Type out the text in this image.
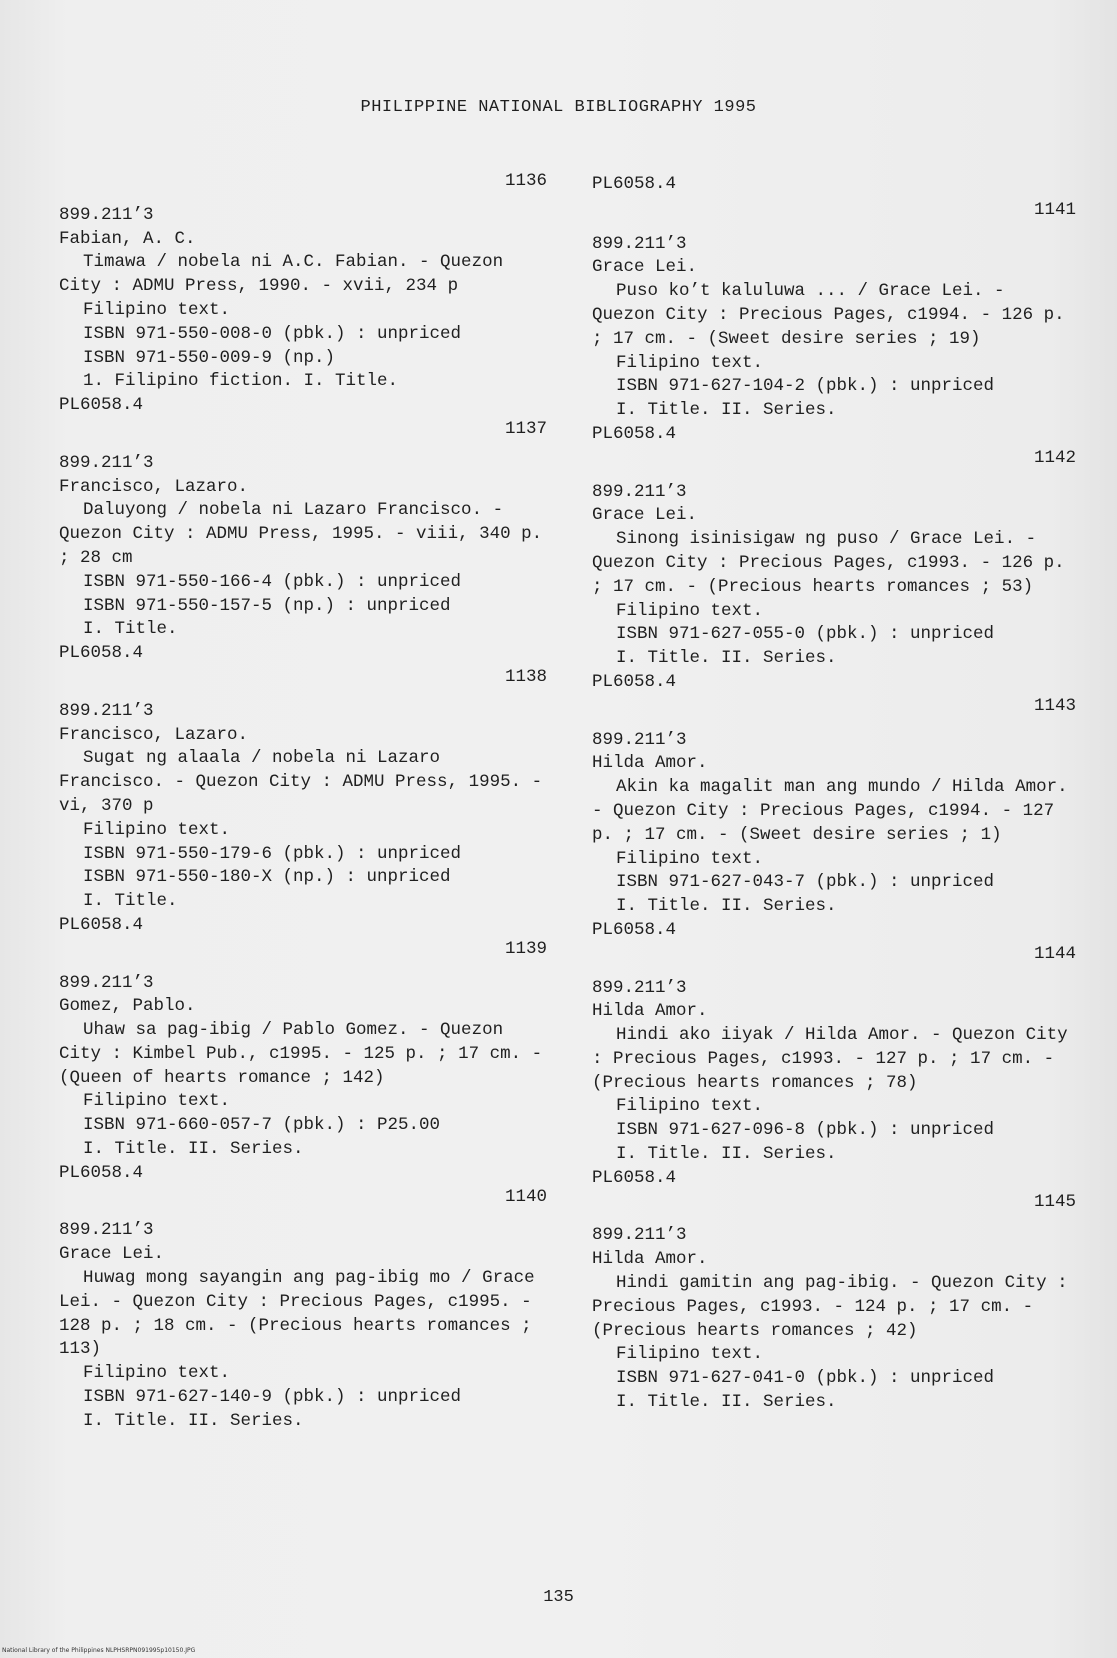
PHILIPPINE NATIONAL BIBLIOGRAPHY 1995
1136
899.211’3
Fabian, A. C.
Timawa / nobela ni A.C. Fabian. - Quezon City : ADMU Press, 1990. - xvii, 234 p
Filipino text.
ISBN 971-550-008-0 (pbk.) : unpriced
ISBN 971-550-009-9 (np.)
1. Filipino fiction. I. Title.
PL6058.4
1137
899.211’3
Francisco, Lazaro.
Daluyong / nobela ni Lazaro Francisco. - Quezon City : ADMU Press, 1995. - viii, 340 p. ; 28 cm
ISBN 971-550-166-4 (pbk.) : unpriced
ISBN 971-550-157-5 (np.) : unpriced
I. Title.
PL6058.4
1138
899.211’3
Francisco, Lazaro.
Sugat ng alaala / nobela ni Lazaro Francisco. - Quezon City : ADMU Press, 1995. - vi, 370 p
Filipino text.
ISBN 971-550-179-6 (pbk.) : unpriced
ISBN 971-550-180-X (np.) : unpriced
I. Title.
PL6058.4
1139
899.211’3
Gomez, Pablo.
Uhaw sa pag-ibig / Pablo Gomez. - Quezon City : Kimbel Pub., c1995. - 125 p. ; 17 cm. - (Queen of hearts romance ; 142)
Filipino text.
ISBN 971-660-057-7 (pbk.) : P25.00
I. Title. II. Series.
PL6058.4
1140
899.211’3
Grace Lei.
Huwag mong sayangin ang pag-ibig mo / Grace Lei. - Quezon City : Precious Pages, c1995. - 128 p. ; 18 cm. - (Precious hearts romances ; 113)
Filipino text.
ISBN 971-627-140-9 (pbk.) : unpriced
I. Title. II. Series.
PL6058.4
1141
899.211’3
Grace Lei.
Puso ko’t kaluluwa ... / Grace Lei. - Quezon City : Precious Pages, c1994. - 126 p. ; 17 cm. - (Sweet desire series ; 19)
Filipino text.
ISBN 971-627-104-2 (pbk.) : unpriced
I. Title. II. Series.
PL6058.4
1142
899.211’3
Grace Lei.
Sinong isinisigaw ng puso / Grace Lei. - Quezon City : Precious Pages, c1993. - 126 p. ; 17 cm. - (Precious hearts romances ; 53)
Filipino text.
ISBN 971-627-055-0 (pbk.) : unpriced
I. Title. II. Series.
PL6058.4
1143
899.211’3
Hilda Amor.
Akin ka magalit man ang mundo / Hilda Amor. - Quezon City : Precious Pages, c1994. - 127 p. ; 17 cm. - (Sweet desire series ; 1)
Filipino text.
ISBN 971-627-043-7 (pbk.) : unpriced
I. Title. II. Series.
PL6058.4
1144
899.211’3
Hilda Amor.
Hindi ako iiyak / Hilda Amor. - Quezon City : Precious Pages, c1993. - 127 p. ; 17 cm. - (Precious hearts romances ; 78)
Filipino text.
ISBN 971-627-096-8 (pbk.) : unpriced
I. Title. II. Series.
PL6058.4
1145
899.211’3
Hilda Amor.
Hindi gamitin ang pag-ibig. - Quezon City : Precious Pages, c1993. - 124 p. ; 17 cm. - (Precious hearts romances ; 42)
Filipino text.
ISBN 971-627-041-0 (pbk.) : unpriced
I. Title. II. Series.
135
National Library of the Philippines NLPHSRPN091995p10150.JPG
